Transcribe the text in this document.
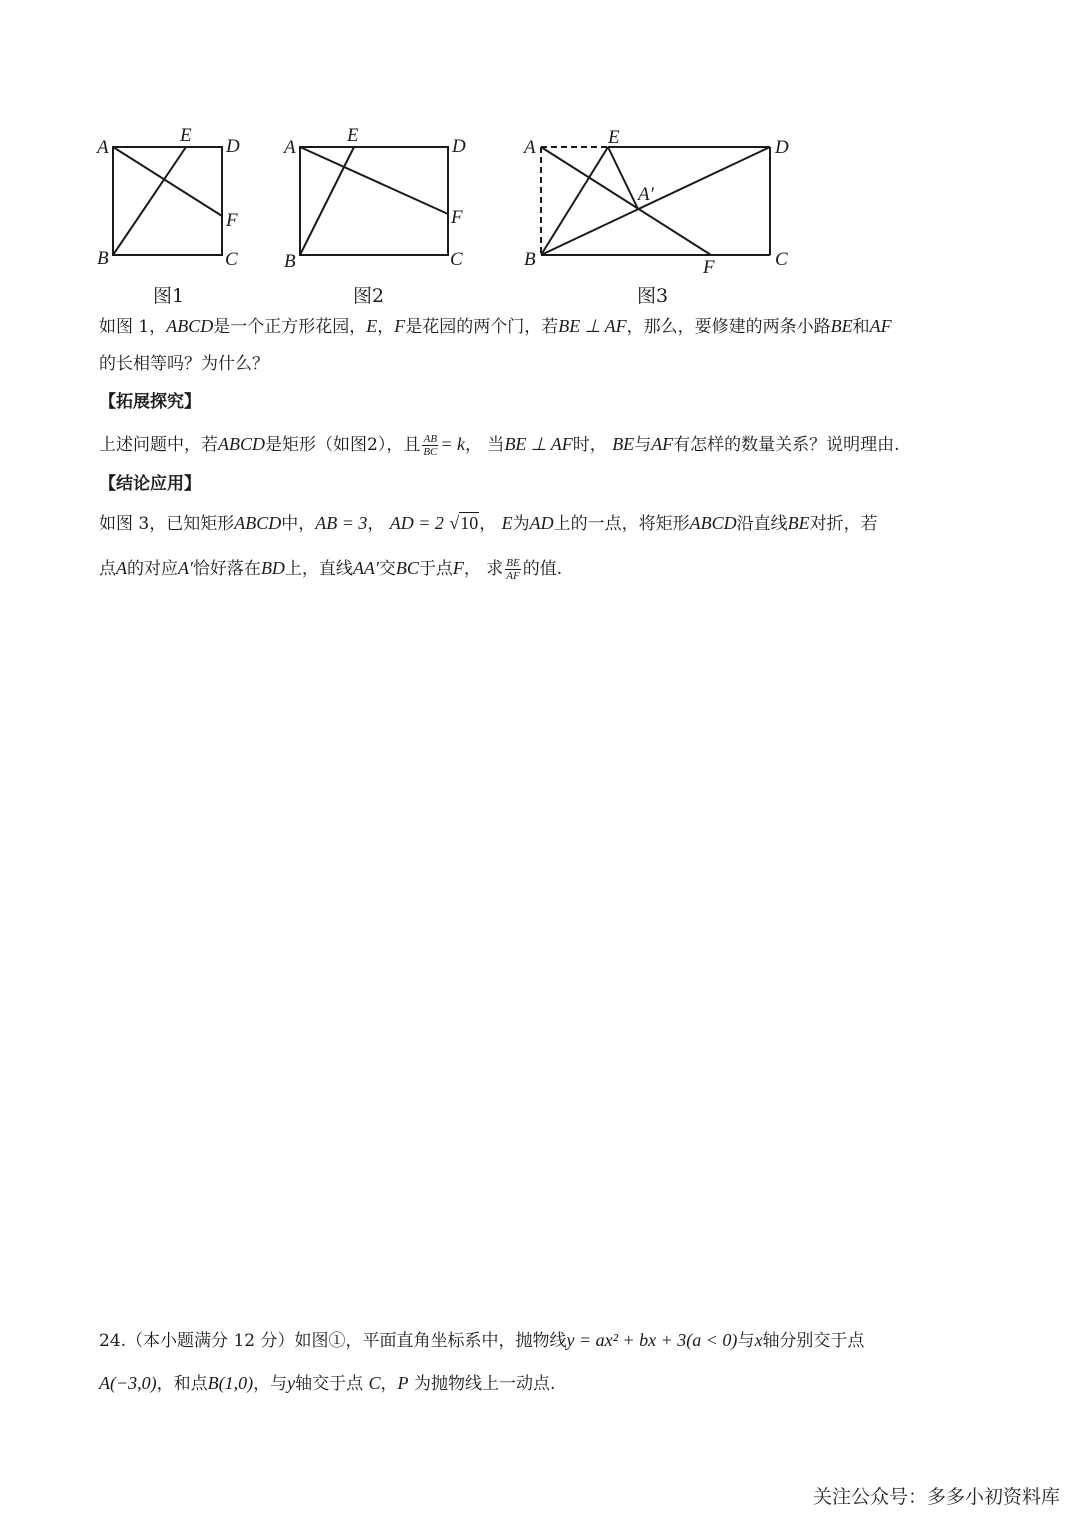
A
E
D
F
B	C
A
E
D
F
B	C
A	E	D
A′
B	F	C
图1	图2	图3
如图 1，ABCD是一个正方形花园，E，F是花园的两个门，若BE ⊥ AF，那么，要修建的两条小路BE和AF
的长相等吗？为什么？
【拓展探究】
上述问题中，若ABCD是矩形（如图2），且 $\frac{AB}{BC} = k$， 当BE ⊥ AF时， BE与AF有怎样的数量关系？说明理由.
【结论应用】
如图 3，已知矩形ABCD中，AB = 3， AD = 2 √10， E为AD上的一点，将矩形ABCD沿直线BE对折，若
点A的对应A′恰好落在BD上，直线AA′交BC于点F， 求 $\frac{BE}{AF}$ 的值.
24.（本小题满分 12 分）如图①，平面直角坐标系中，抛物线y = ax² + bx + 3(a < 0)与x轴分别交于点
A(−3,0)，和点B(1,0)，与y轴交于点 C，P 为抛物线上一动点.
关注公众号：多多小初资料库
